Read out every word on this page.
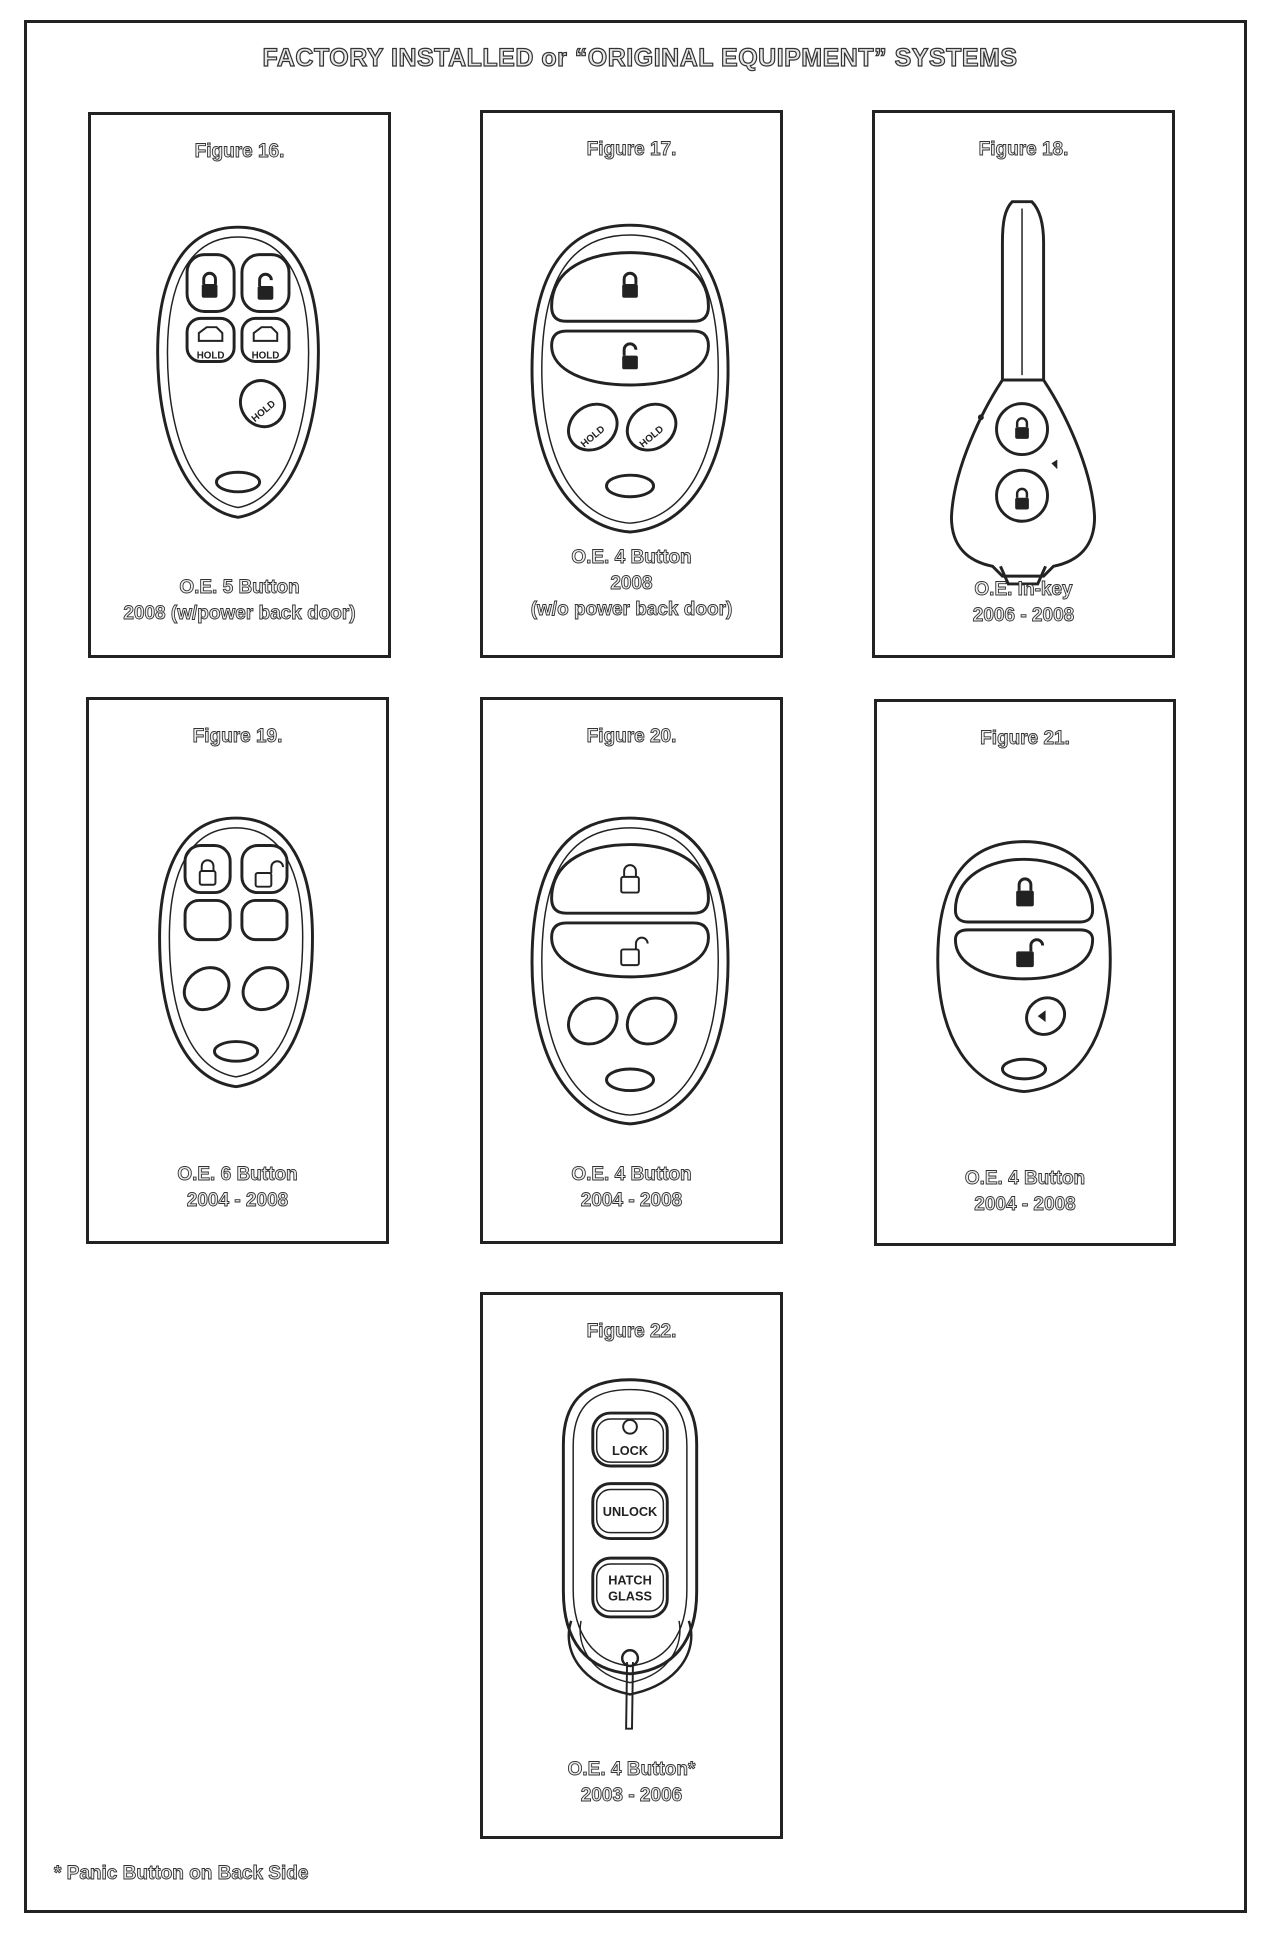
FACTORY INSTALLED or “ORIGINAL EQUIPMENT” SYSTEMS
Figure 16.
HOLD	HOLD
HOLD
O.E. 5 Button
2008 (w/power back door)
Figure 17.
HOLD	HOLD
O.E. 4 Button
2008
(w/o power back door)
Figure 18.
O.E. In-key
2006 - 2008
Figure 19.
O.E. 6 Button
2004 - 2008
Figure 20.
O.E. 4 Button
2004 - 2008
Figure 21.
O.E. 4 Button
2004 - 2008
Figure 22.
LOCK
UNLOCK
HATCH
GLASS
O.E. 4 Button*
2003 - 2006
* Panic Button on Back Side
